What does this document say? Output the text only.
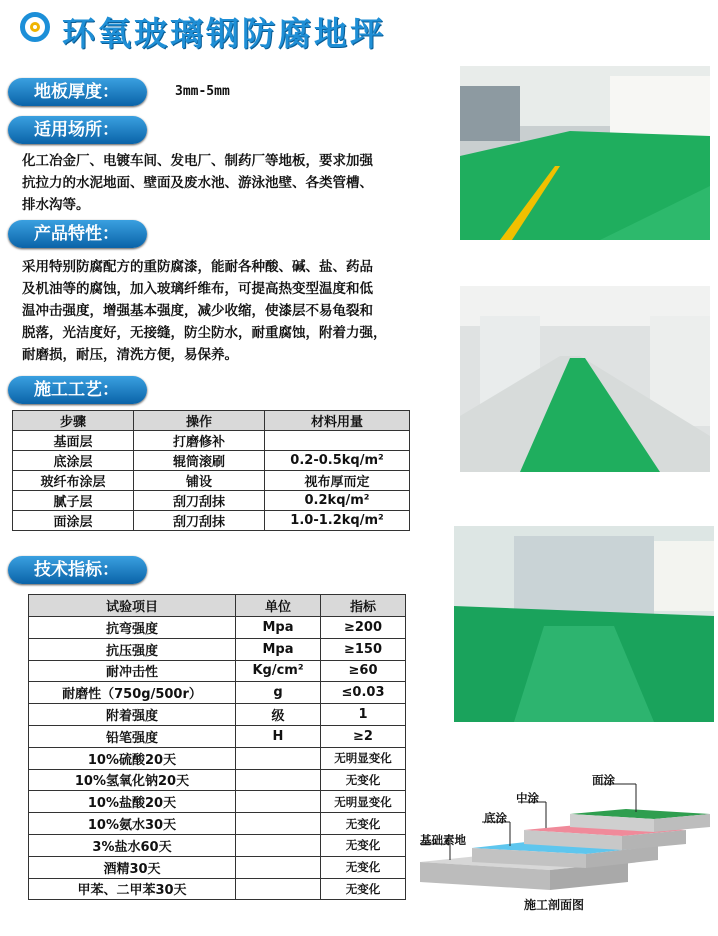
环氧玻璃钢防腐地坪
地板厚度：	3mm-5mm
适用场所：
化工冶金厂、电镀车间、发电厂、制药厂等地板，要求加强
抗拉力的水泥地面、壁面及废水池、游泳池壁、各类管槽、
排水沟等。
产品特性：
采用特别防腐配方的重防腐漆，能耐各种酸、碱、盐、药品
及机油等的腐蚀，加入玻璃纤维布，可提高热变型温度和低
温冲击强度，增强基本强度，减少收缩，使漆层不易龟裂和
脱落，光洁度好，无接缝，防尘防水，耐重腐蚀，附着力强，
耐磨损，耐压，清洗方便，易保养。
施工工艺：
步骤	操作	材料用量
基面层	打磨修补	
底涂层	辊筒滚刷	0.2-0.5kq/m²
玻纤布涂层	铺设	视布厚而定
腻子层	刮刀刮抹	0.2kq/m²
面涂层	刮刀刮抹	1.0-1.2kq/m²
技术指标：
试验项目	单位	指标
抗弯强度	Mpa	≥200
抗压强度	Mpa	≥150
耐冲击性	Kg/cm²	≥60
耐磨性（750g/500r）	g	≤0.03
附着强度	级	1
铅笔强度	H	≥2
10%硫酸20天		无明显变化
10%氢氧化钠20天		无变化
10%盐酸20天		无明显变化
10%氨水30天		无变化
3%盐水60天		无变化
酒精30天		无变化
甲苯、二甲苯30天		无变化
面涂
中涂
底涂
基础素地
施工剖面图
